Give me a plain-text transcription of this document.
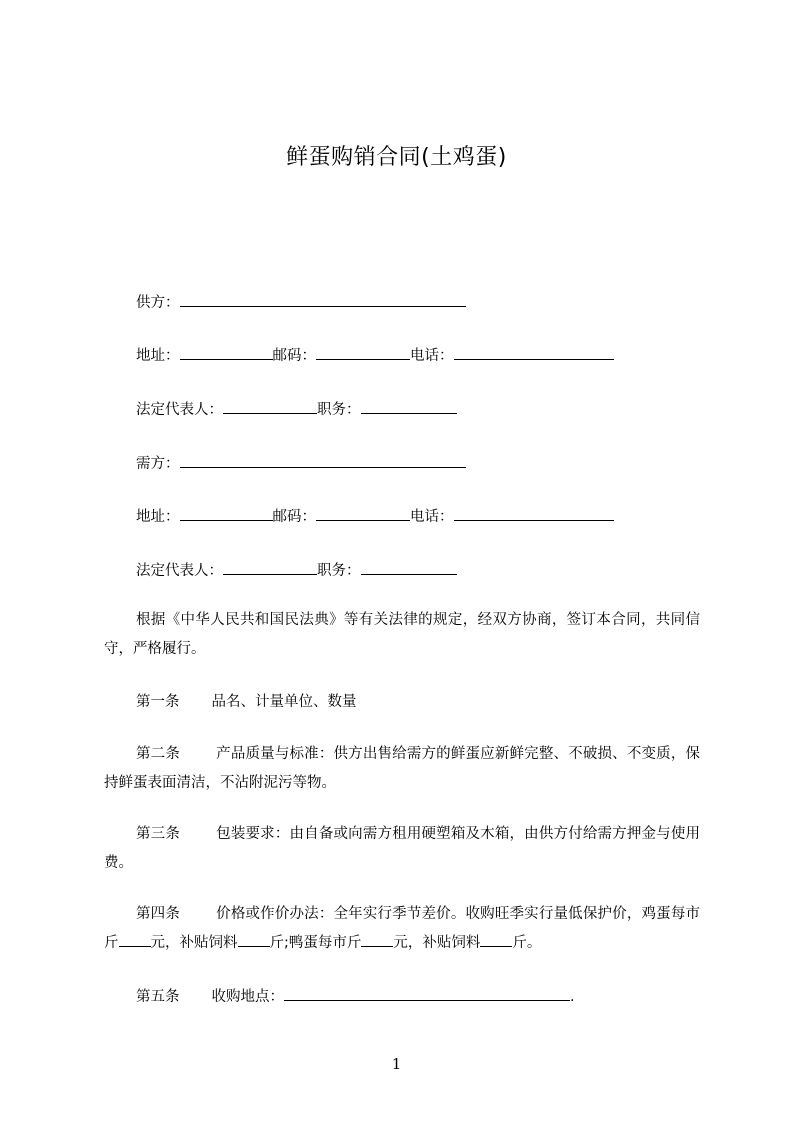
鲜蛋购销合同(土鸡蛋)
供方：
地址：	邮码：	电话：
法定代表人：	职务：
需方：
地址：	邮码：	电话：
法定代表人：	职务：
根据《中华人民共和国民法典》等有关法律的规定，经双方协商，签订本合同，共同信守，严格履行。
第一条 品名、计量单位、数量
第二条 产品质量与标准：供方出售给需方的鲜蛋应新鲜完整、不破损、不变质，保持鲜蛋表面清洁，不沾附泥污等物。
第三条 包装要求：由自备或向需方租用硬塑箱及木箱，由供方付给需方押金与使用费。
第四条 价格或作价办法：全年实行季节差价。收购旺季实行量低保护价，鸡蛋每市斤 元，补贴饲料 斤;鸭蛋每市斤 元，补贴饲料 斤。
第五条 收购地点：	.
1
